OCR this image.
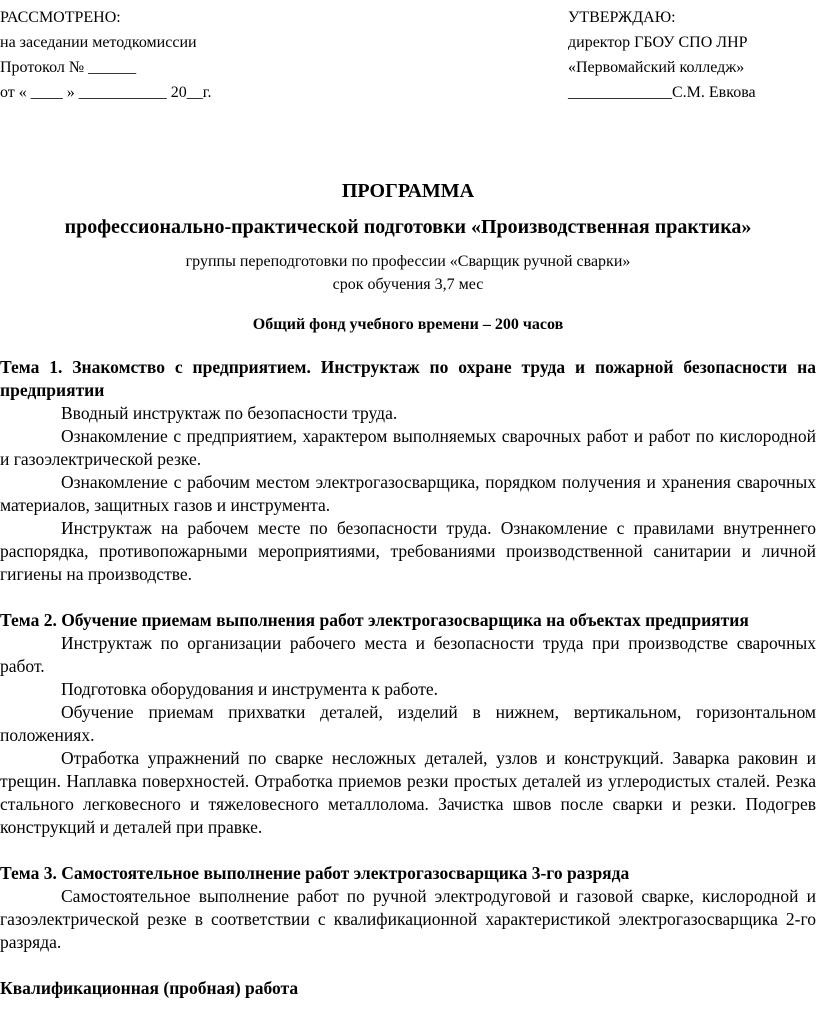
РАССМОТРЕНО:
на заседании методкомиссии
Протокол № ______
от « ____ » ___________ 20__г.
УТВЕРЖДАЮ:
директор ГБОУ СПО ЛНР
«Первомайский колледж»
_____________С.М. Евкова
ПРОГРАММА
профессионально-практической подготовки «Производственная практика»
группы переподготовки по профессии «Сварщик ручной сварки»
срок обучения 3,7 мес
Общий фонд учебного времени – 200 часов
Тема 1. Знакомство с предприятием. Инструктаж по охране труда и пожарной безопасности на предприятии
Вводный инструктаж по безопасности труда.
Ознакомление с предприятием, характером выполняемых сварочных работ и работ по кислородной и газоэлектрической резке.
Ознакомление с рабочим местом электрогазосварщика, порядком получения и хранения сварочных материалов, защитных газов и инструмента.
Инструктаж на рабочем месте по безопасности труда. Ознакомление с правилами внутреннего распорядка, противопожарными мероприятиями, требованиями производственной санитарии и личной гигиены на производстве.
Тема 2. Обучение приемам выполнения работ электрогазосварщика на объектах предприятия
Инструктаж по организации рабочего места и безопасности труда при производстве сварочных работ.
Подготовка оборудования и инструмента к работе.
Обучение приемам прихватки деталей, изделий в нижнем, вертикальном, горизонтальном положениях.
Отработка упражнений по сварке несложных деталей, узлов и конструкций. Заварка раковин и трещин. Наплавка поверхностей. Отработка приемов резки простых деталей из углеродистых сталей. Резка стального легковесного и тяжеловесного металлолома. Зачистка швов после сварки и резки. Подогрев конструкций и деталей при правке.
Тема 3. Самостоятельное выполнение работ электрогазосварщика 3-го разряда
Самостоятельное выполнение работ по ручной электродуговой и газовой сварке, кислородной и газоэлектрической резке в соответствии с квалификационной характеристикой электрогазосварщика 2-го разряда.
Квалификационная (пробная) работа
